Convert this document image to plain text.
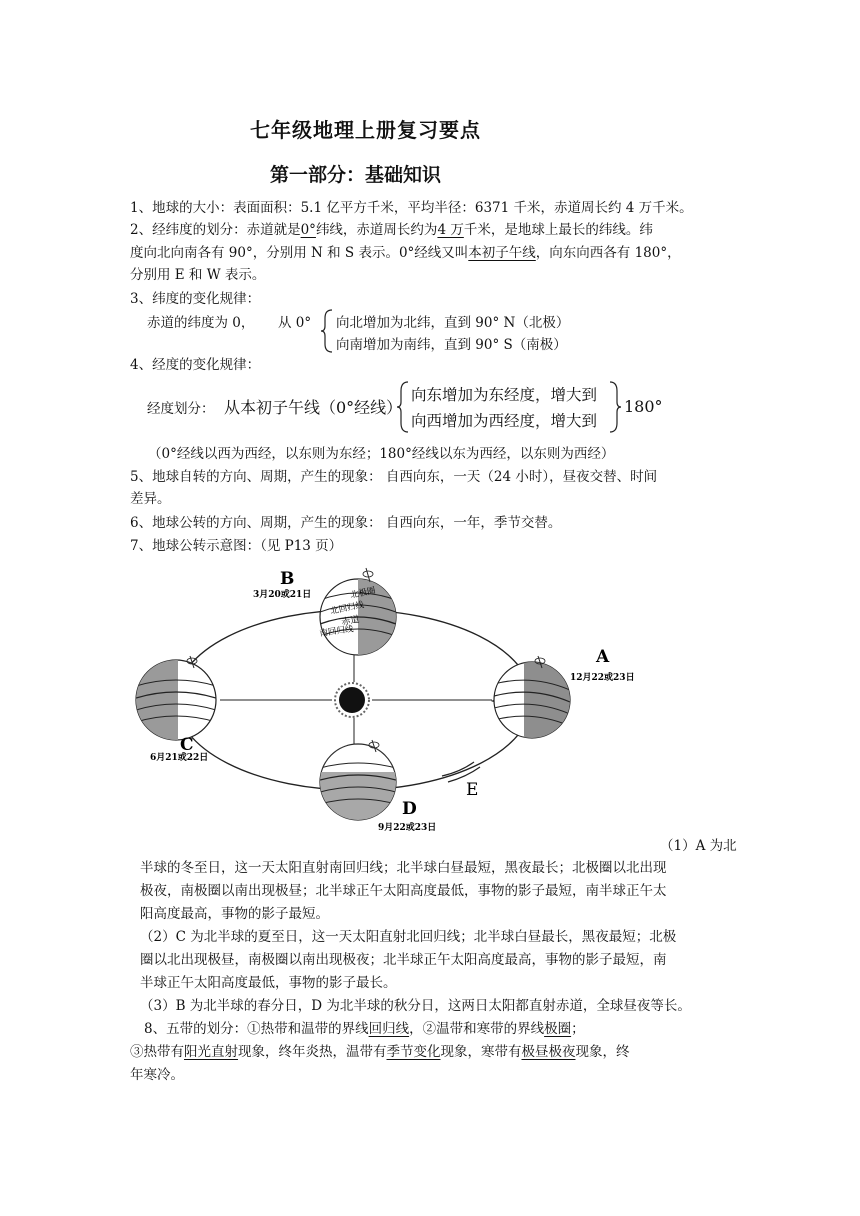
七年级地理上册复习要点
第一部分：基础知识
1、地球的大小：表面面积：5.1 亿平方千米，平均半径：6371 千米，赤道周长约 4 万千米。
2、经纬度的划分：赤道就是0°纬线，赤道周长约为4 万千米，是地球上最长的纬线。纬
度向北向南各有 90°，分别用 N 和 S 表示。0°经线又叫本初子午线，向东向西各有 180°，
分别用 E 和 W 表示。
3、纬度的变化规律：
赤道的纬度为 0， 从 0° 向北增加为北纬，直到 90° N（北极）
向南增加为南纬，直到 90° S（南极）
4、经度的变化规律：
经度划分： 从本初子午线（0°经线）
向东增加为东经度，增大到
向西增加为西经度，增大到
180°
（0°经线以西为西经，以东则为东经；180°经线以东为西经，以东则为西经）
5、地球自转的方向、周期，产生的现象： 自西向东，一天（24 小时），昼夜交替、时间
差异。
6、地球公转的方向、周期，产生的现象： 自西向东，一年，季节交替。
7、地球公转示意图：（见 P13 页）
北极圈
北回归线
赤道
南回归线
B
3月20或21日
A
12月22或23日
C
6月21或22日
D
9月22或23日
E
（1）A 为北
半球的冬至日，这一天太阳直射南回归线；北半球白昼最短，黑夜最长；北极圈以北出现
极夜，南极圈以南出现极昼；北半球正午太阳高度最低，事物的影子最短，南半球正午太
阳高度最高，事物的影子最短。
（2）C 为北半球的夏至日，这一天太阳直射北回归线；北半球白昼最长，黑夜最短；北极
圈以北出现极昼，南极圈以南出现极夜；北半球正午太阳高度最高，事物的影子最短，南
半球正午太阳高度最低，事物的影子最长。
（3）B 为北半球的春分日，D 为北半球的秋分日，这两日太阳都直射赤道，全球昼夜等长。
8、五带的划分：①热带和温带的界线回归线，②温带和寒带的界线极圈；
③热带有阳光直射现象，终年炎热，温带有季节变化现象，寒带有极昼极夜现象，终
年寒冷。
